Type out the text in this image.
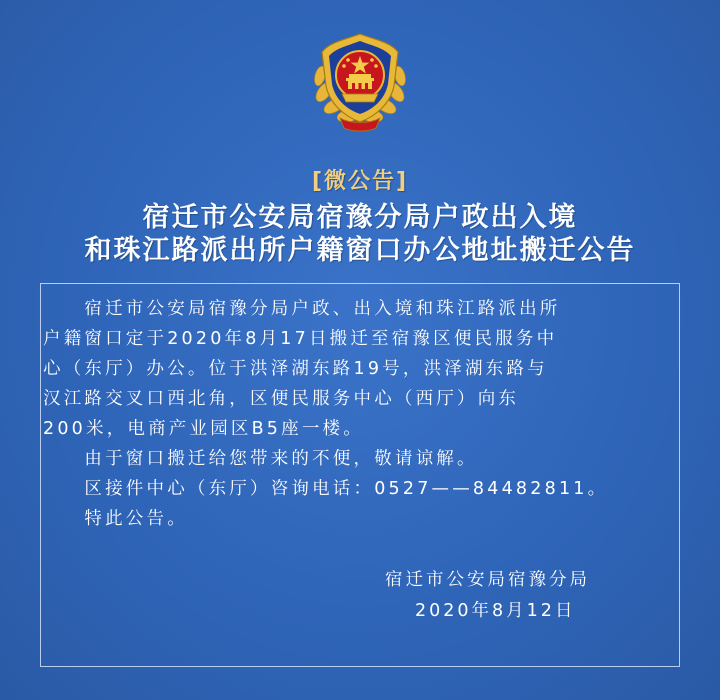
[微公告]
宿迁市公安局宿豫分局户政出入境
和珠江路派出所户籍窗口办公地址搬迁公告
　　宿迁市公安局宿豫分局户政、出入境和珠江路派出所
户籍窗口定于2020年8月17日搬迁至宿豫区便民服务中
心（东厅）办公。位于洪泽湖东路19号，洪泽湖东路与
汉江路交叉口西北角，区便民服务中心（西厅）向东
200米，电商产业园区B5座一楼。
　　由于窗口搬迁给您带来的不便，敬请谅解。
　　区接件中心（东厅）咨询电话：0527——84482811。
　　特此公告。

宿迁市公安局宿豫分局

2020年8月12日
